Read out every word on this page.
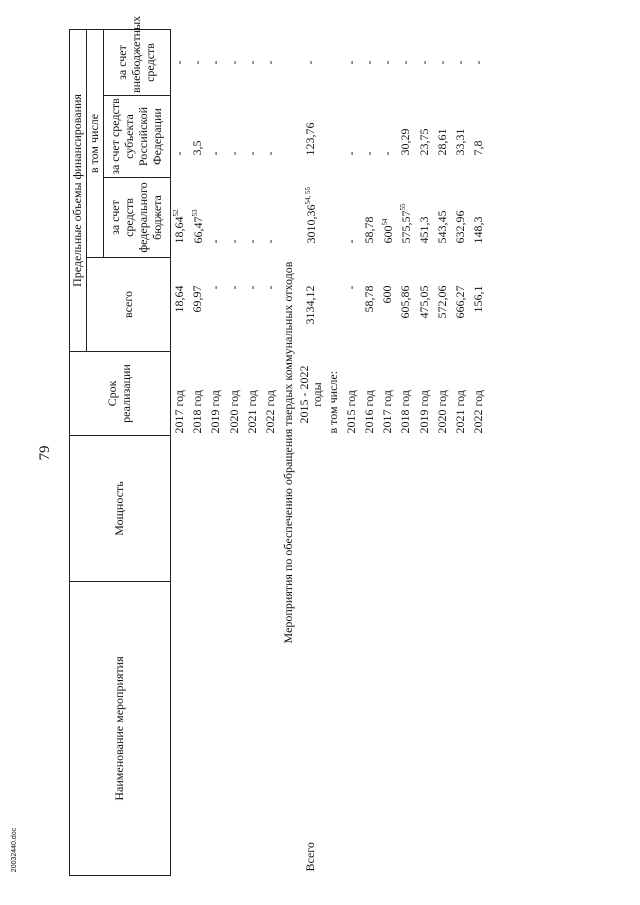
79
20032440.doc
Наименование мероприятия	Мощность	Срок реализации	Предельные объемы финансирования			
			всего	в том числе		
				за счет средств федерального бюджета	за счет средств субъекта Российской Федерации	за счет внебюджетных средств
		2017 год	18,64	18,64$^{52}$	-	-
		2018 год	69,97	66,47$^{53}$	3,5	-
		2019 год	-	-	-	-
		2020 год	-	-	-	-
		2021 год	-	-	-	-
		2022 год	-	-	-	-
Мероприятия по обеспечению обращения твердых коммунальных отходов						
Всего		2015 - 2022 годы	3134,12	3010,36$^{54, 55}$	123,76	-
		в том числе:				
		2015 год	-	-	-	-
		2016 год	58,78	58,78	-	-
		2017 год	600	$600^{54}$	-	-
		2018 год	605,86	575,57$^{55}$	30,29	-
		2019 год	475,05	451,3	23,75	-
		2020 год	572,06	543,45	28,61	-
		2021 год	666,27	632,96	33,31	-
		2022 год	156,1	148,3	7,8	-
